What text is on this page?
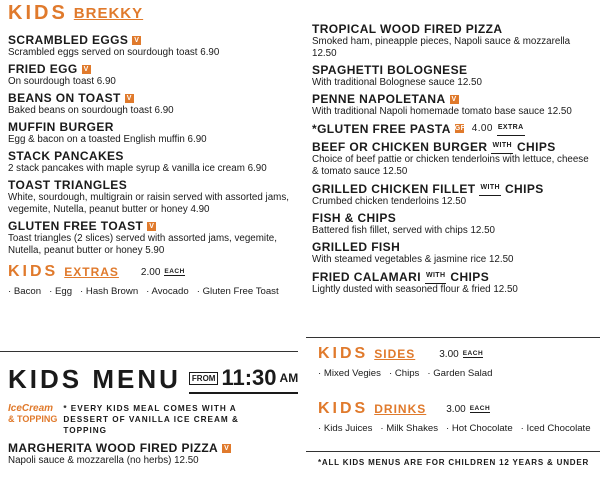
KIDS BREKKY
SCRAMBLED EGGS V
Scrambled eggs served on sourdough toast 6.90
FRIED EGG V
On sourdough toast 6.90
BEANS ON TOAST V
Baked beans on sourdough toast 6.90
MUFFIN BURGER
Egg & bacon on a toasted English muffin 6.90
STACK PANCAKES
2 stack pancakes with maple syrup & vanilla ice cream 6.90
TOAST TRIANGLES
White, sourdough, multigrain or raisin served with assorted jams, vegemite, Nutella, peanut butter or honey 4.90
GLUTEN FREE TOAST V
Toast triangles (2 slices) served with assorted jams, vegemite, Nutella, peanut butter or honey 5.90
KIDS EXTRAS 2.00 EACH
· Bacon · Egg · Hash Brown · Avocado · Gluten Free Toast
KIDS MENU	FROM 11:30 AM
IceCream
& TOPPING
* EVERY KIDS MEAL COMES WITH A DESSERT OF VANILLA ICE CREAM & TOPPING
MARGHERITA WOOD FIRED PIZZA V
Napoli sauce & mozzarella (no herbs) 12.50
TROPICAL WOOD FIRED PIZZA
Smoked ham, pineapple pieces, Napoli sauce & mozzarella 12.50
SPAGHETTI BOLOGNESE
With traditional Bolognese sauce 12.50
PENNE NAPOLETANA V
With traditional Napoli homemade tomato base sauce 12.50
*GLUTEN FREE PASTA GF 4.00 EXTRA
BEEF OR CHICKEN BURGER WITH CHIPS
Choice of beef pattie or chicken tenderloins with lettuce, cheese & tomato sauce 12.50
GRILLED CHICKEN FILLET WITH CHIPS
Crumbed chicken tenderloins 12.50
FISH & CHIPS
Battered fish fillet, served with chips 12.50
GRILLED FISH
With steamed vegetables & jasmine rice 12.50
FRIED CALAMARI WITH CHIPS
Lightly dusted with seasoned flour & fried 12.50
KIDS SIDES 3.00 EACH
· Mixed Vegies · Chips · Garden Salad
KIDS DRINKS 3.00 EACH
· Kids Juices · Milk Shakes · Hot Chocolate · Iced Chocolate
*ALL KIDS MENUS ARE FOR CHILDREN 12 YEARS & UNDER
